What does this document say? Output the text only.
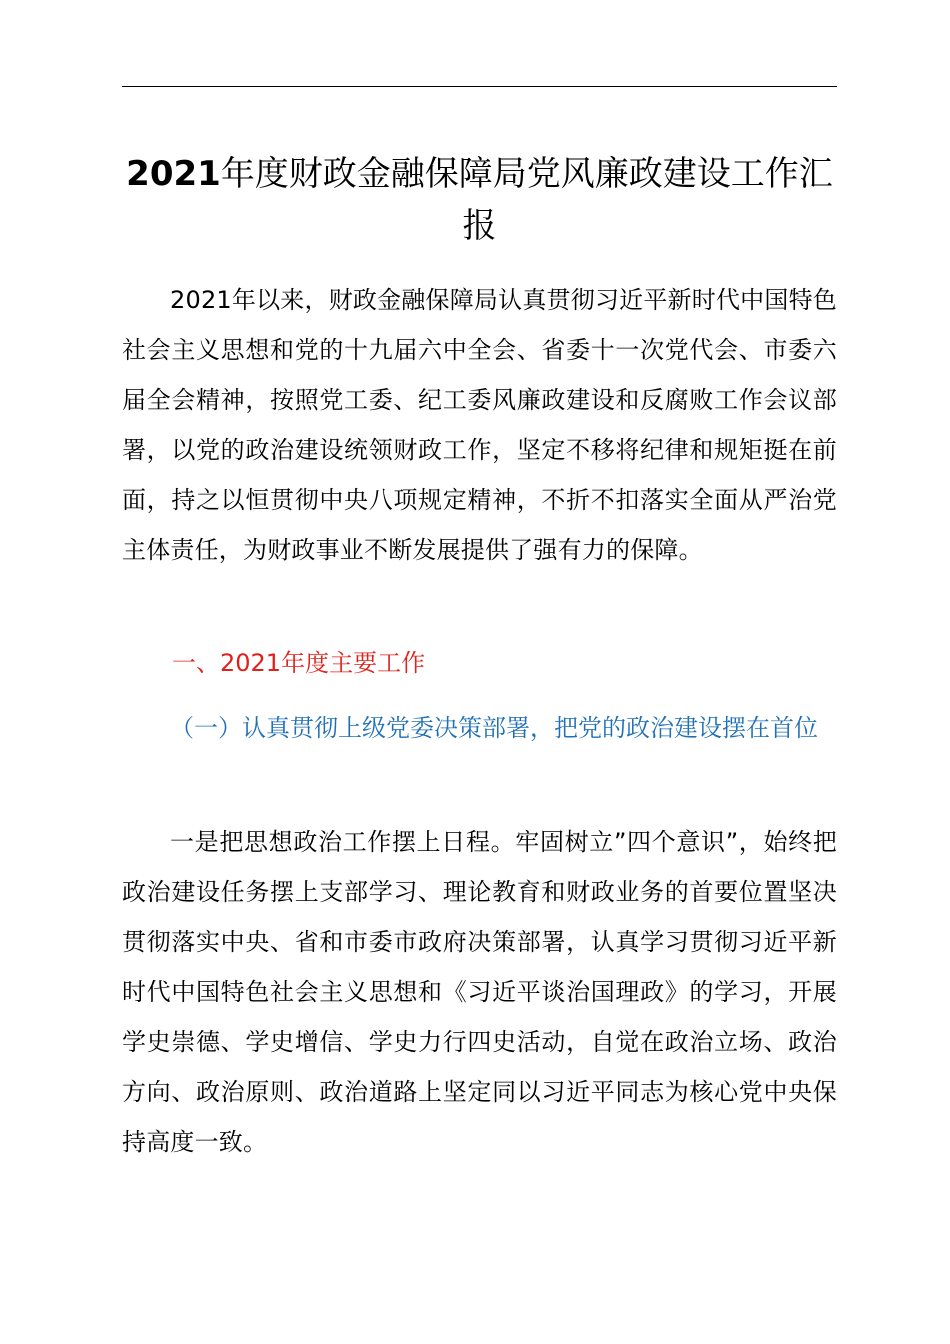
2021年度财政金融保障局党风廉政建设工作汇报

2021年以来，财政金融保障局认真贯彻习近平新时代中国特色社会主义思想和党的十九届六中全会、省委十一次党代会、市委六届全会精神，按照党工委、纪工委风廉政建设和反腐败工作会议部署，以党的政治建设统领财政工作，坚定不移将纪律和规矩挺在前面，持之以恒贯彻中央八项规定精神，不折不扣落实全面从严治党主体责任，为财政事业不断发展提供了强有力的保障。

一、2021年度主要工作

（一）认真贯彻上级党委决策部署，把党的政治建设摆在首位

一是把思想政治工作摆上日程。牢固树立”四个意识”，始终把政治建设任务摆上支部学习、理论教育和财政业务的首要位置坚决贯彻落实中央、省和市委市政府决策部署，认真学习贯彻习近平新时代中国特色社会主义思想和《习近平谈治国理政》的学习，开展学史崇德、学史增信、学史力行四史活动，自觉在政治立场、政治方向、政治原则、政治道路上坚定同以习近平同志为核心党中央保持高度一致。
